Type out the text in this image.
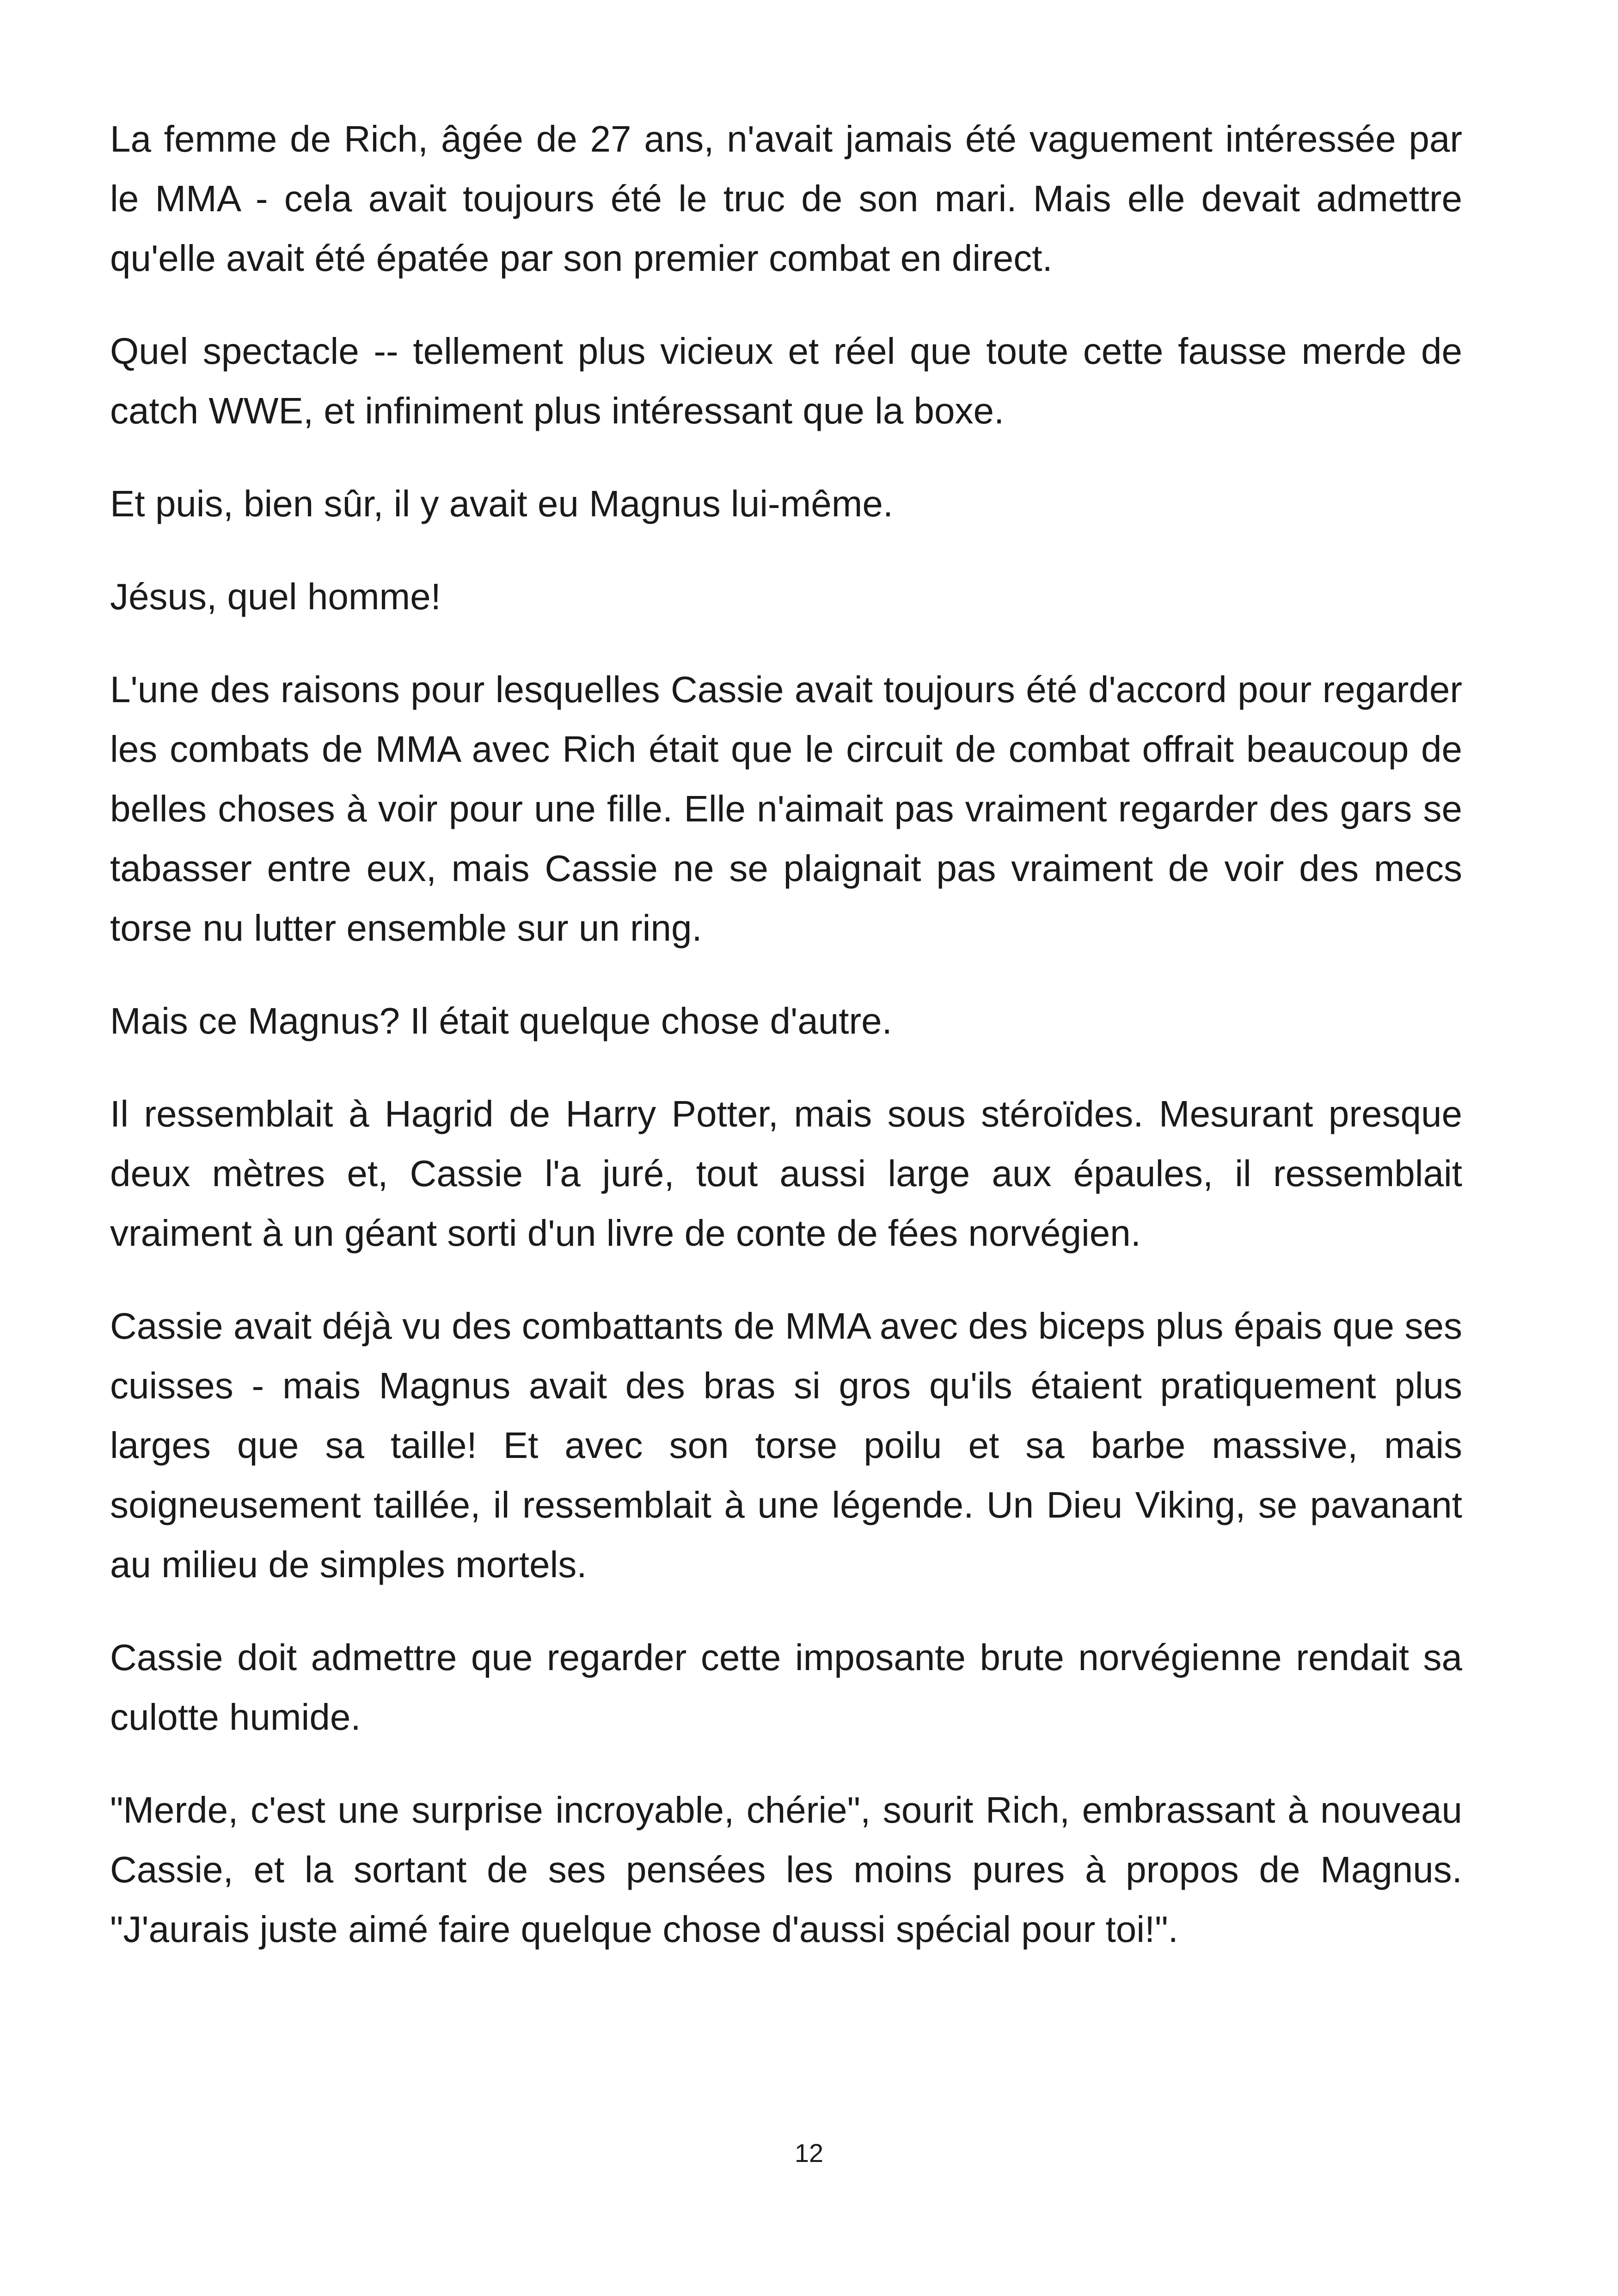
La femme de Rich, âgée de 27 ans, n'avait jamais été vaguement intéressée par le MMA - cela avait toujours été le truc de son mari. Mais elle devait admettre qu'elle avait été épatée par son premier combat en direct.

Quel spectacle -- tellement plus vicieux et réel que toute cette fausse merde de catch WWE, et infiniment plus intéressant que la boxe.

Et puis, bien sûr, il y avait eu Magnus lui-même.

Jésus, quel homme!

L'une des raisons pour lesquelles Cassie avait toujours été d'accord pour regarder les combats de MMA avec Rich était que le circuit de combat offrait beaucoup de belles choses à voir pour une fille. Elle n'aimait pas vraiment regarder des gars se tabasser entre eux, mais Cassie ne se plaignait pas vraiment de voir des mecs torse nu lutter ensemble sur un ring.

Mais ce Magnus? Il était quelque chose d'autre.

Il ressemblait à Hagrid de Harry Potter, mais sous stéroïdes. Mesurant presque deux mètres et, Cassie l'a juré, tout aussi large aux épaules, il ressemblait vraiment à un géant sorti d'un livre de conte de fées norvégien.

Cassie avait déjà vu des combattants de MMA avec des biceps plus épais que ses cuisses - mais Magnus avait des bras si gros qu'ils étaient pratiquement plus larges que sa taille! Et avec son torse poilu et sa barbe massive, mais soigneusement taillée, il ressemblait à une légende. Un Dieu Viking, se pavanant au milieu de simples mortels.

Cassie doit admettre que regarder cette imposante brute norvégienne rendait sa culotte humide.

"Merde, c'est une surprise incroyable, chérie", sourit Rich, embrassant à nouveau Cassie, et la sortant de ses pensées les moins pures à propos de Magnus. "J'aurais juste aimé faire quelque chose d'aussi spécial pour toi!".

12
